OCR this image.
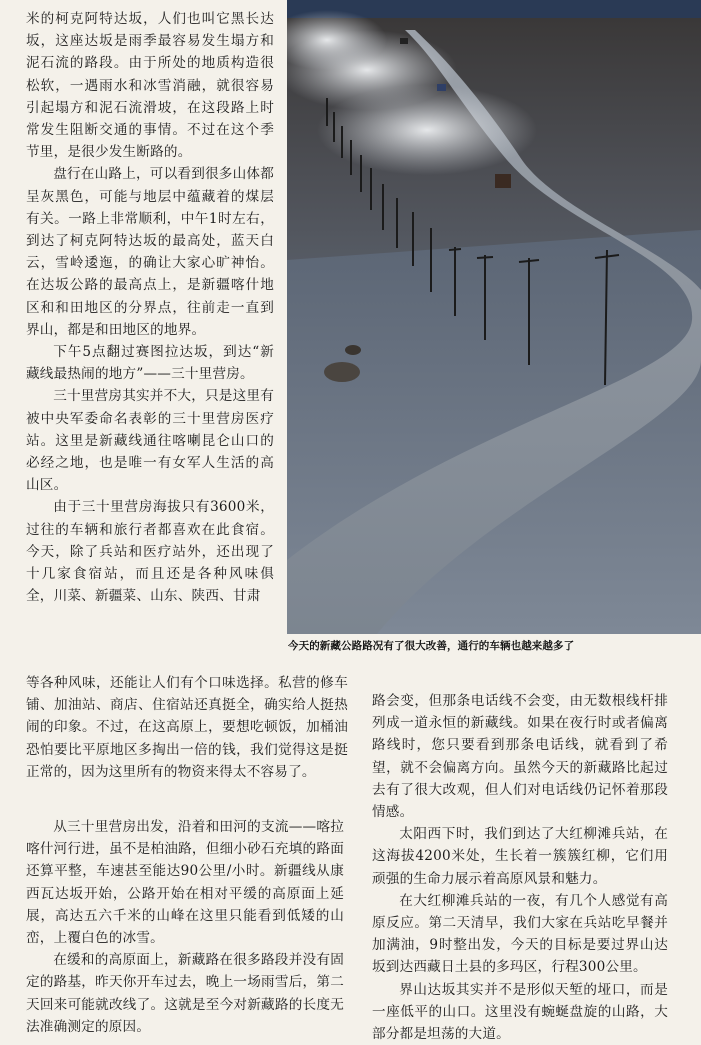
米的柯克阿特达坂，人们也叫它黑长达坂，这座达坂是雨季最容易发生塌方和泥石流的路段。由于所处的地质构造很松软，一遇雨水和冰雪消融，就很容易引起塌方和泥石流滑坡，在这段路上时常发生阻断交通的事情。不过在这个季节里，是很少发生断路的。

盘行在山路上，可以看到很多山体都呈灰黑色，可能与地层中蕴藏着的煤层有关。一路上非常顺利，中午1时左右，到达了柯克阿特达坂的最高处，蓝天白云，雪岭逶迤，的确让大家心旷神怡。在达坂公路的最高点上，是新疆喀什地区和和田地区的分界点，往前走一直到界山，都是和田地区的地界。

下午5点翻过赛图拉达坂，到达“新藏线最热闹的地方”——三十里营房。

三十里营房其实并不大，只是这里有被中央军委命名表彰的三十里营房医疗站。这里是新藏线通往喀喇昆仑山口的必经之地，也是唯一有女军人生活的高山区。

由于三十里营房海拔只有3600米，过往的车辆和旅行者都喜欢在此食宿。今天，除了兵站和医疗站外，还出现了十几家食宿站，而且还是各种风味俱全，川菜、新疆菜、山东、陕西、甘肃

今天的新藏公路路况有了很大改善，通行的车辆也越来越多了

等各种风味，还能让人们有个口味选择。私营的修车铺、加油站、商店、住宿站还真挺全，确实给人挺热闹的印象。不过，在这高原上，要想吃顿饭，加桶油恐怕要比平原地区多掏出一倍的钱，我们觉得这是挺正常的，因为这里所有的物资来得太不容易了。

从三十里营房出发，沿着和田河的支流——喀拉喀什河行进，虽不是柏油路，但细小砂石充填的路面还算平整，车速甚至能达90公里/小时。新疆线从康西瓦达坂开始，公路开始在相对平缓的高原面上延展，高达五六千米的山峰在这里只能看到低矮的山峦，上覆白色的冰雪。

在缓和的高原面上，新藏路在很多路段并没有固定的路基，昨天你开车过去，晚上一场雨雪后，第二天回来可能就改线了。这就是至今对新藏路的长度无法准确测定的原因。

路会变，但那条电话线不会变，由无数根线杆排列成一道永恒的新藏线。如果在夜行时或者偏离路线时，您只要看到那条电话线，就看到了希望，就不会偏离方向。虽然今天的新藏路比起过去有了很大改观，但人们对电话线仍记怀着那段情感。

太阳西下时，我们到达了大红柳滩兵站，在这海拔4200米处，生长着一簇簇红柳，它们用顽强的生命力展示着高原风景和魅力。

在大红柳滩兵站的一夜，有几个人感觉有高原反应。第二天清早，我们大家在兵站吃早餐并加满油，9时整出发，今天的目标是要过界山达坂到达西藏日土县的多玛区，行程300公里。

界山达坂其实并不是形似天堑的垭口，而是一座低平的山口。这里没有蜿蜒盘旋的山路，大部分都是坦荡的大道。
